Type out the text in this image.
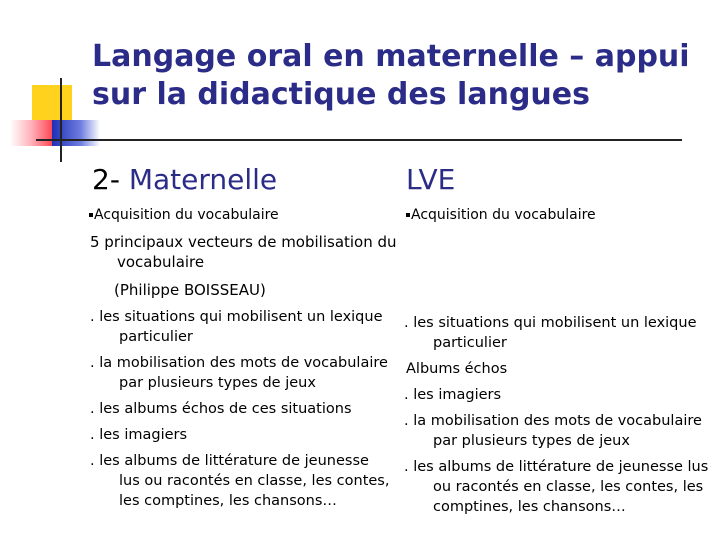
Langage oral en maternelle – appui sur la didactique des langues
2- Maternelle	LVE
Acquisition du vocabulaire	Acquisition du vocabulaire

5 principaux vecteurs de mobilisation du vocabulaire

(Philippe BOISSEAU)

. les situations qui mobilisent un lexique particulier
. la mobilisation des mots de vocabulaire par plusieurs types de jeux
. les albums échos de ces situations
. les imagiers
. les albums de littérature de jeunesse lus ou racontés en classe, les contes, les comptines, les chansons…
. les situations qui mobilisent un lexique particulier
Albums échos
. les imagiers
. la mobilisation des mots de vocabulaire par plusieurs types de jeux
. les albums de littérature de jeunesse lus ou racontés en classe, les contes, les comptines, les chansons…
